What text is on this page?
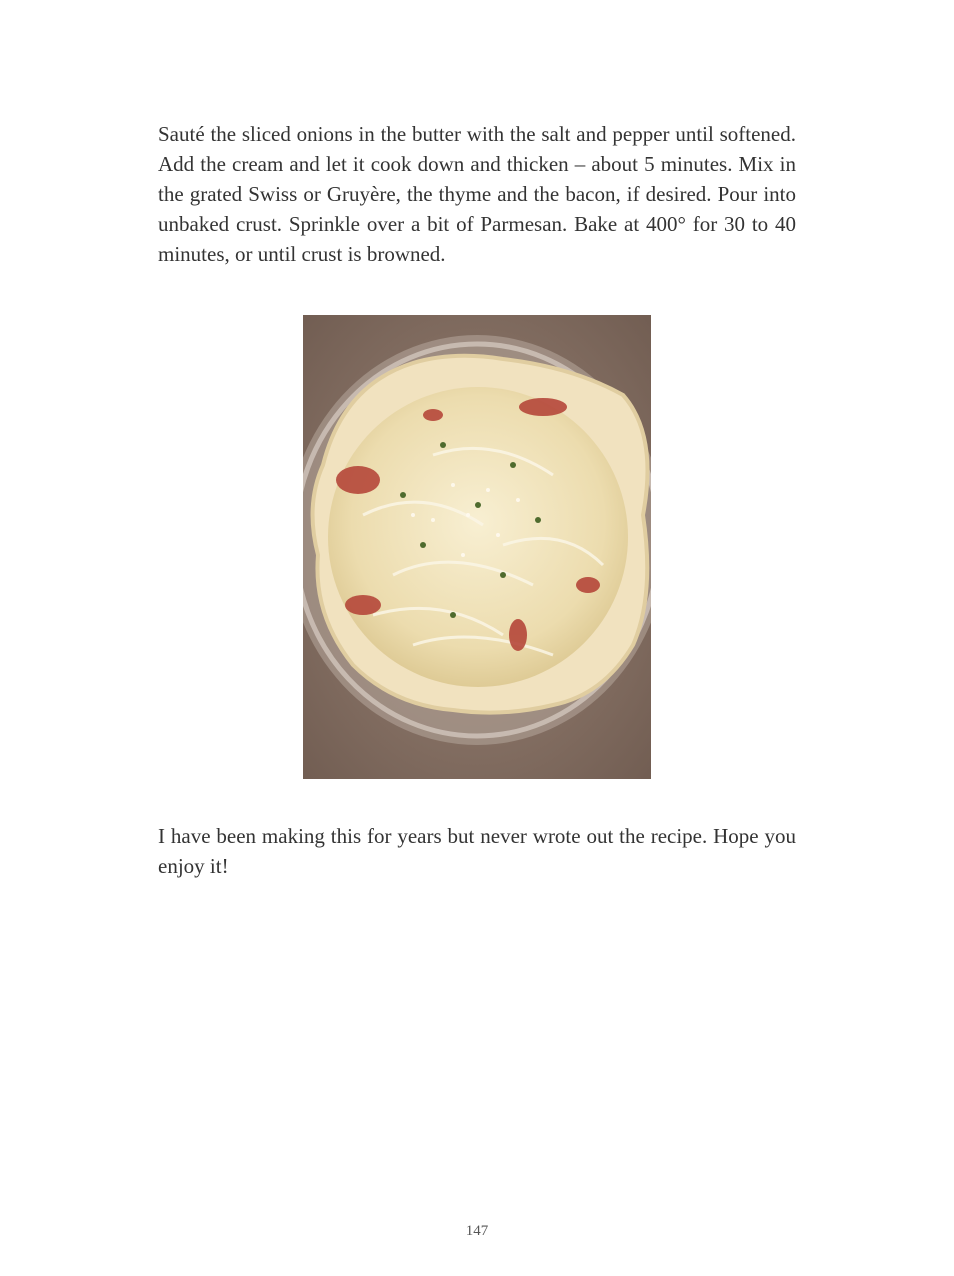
Sauté the sliced onions in the butter with the salt and pepper until softened. Add the cream and let it cook down and thicken – about 5 minutes. Mix in the grated Swiss or Gruyère, the thyme and the bacon, if desired. Pour into unbaked crust. Sprinkle over a bit of Parmesan. Bake at 400° for 30 to 40 minutes, or until crust is browned.

I have been making this for years but never wrote out the recipe. Hope you enjoy it!

147
